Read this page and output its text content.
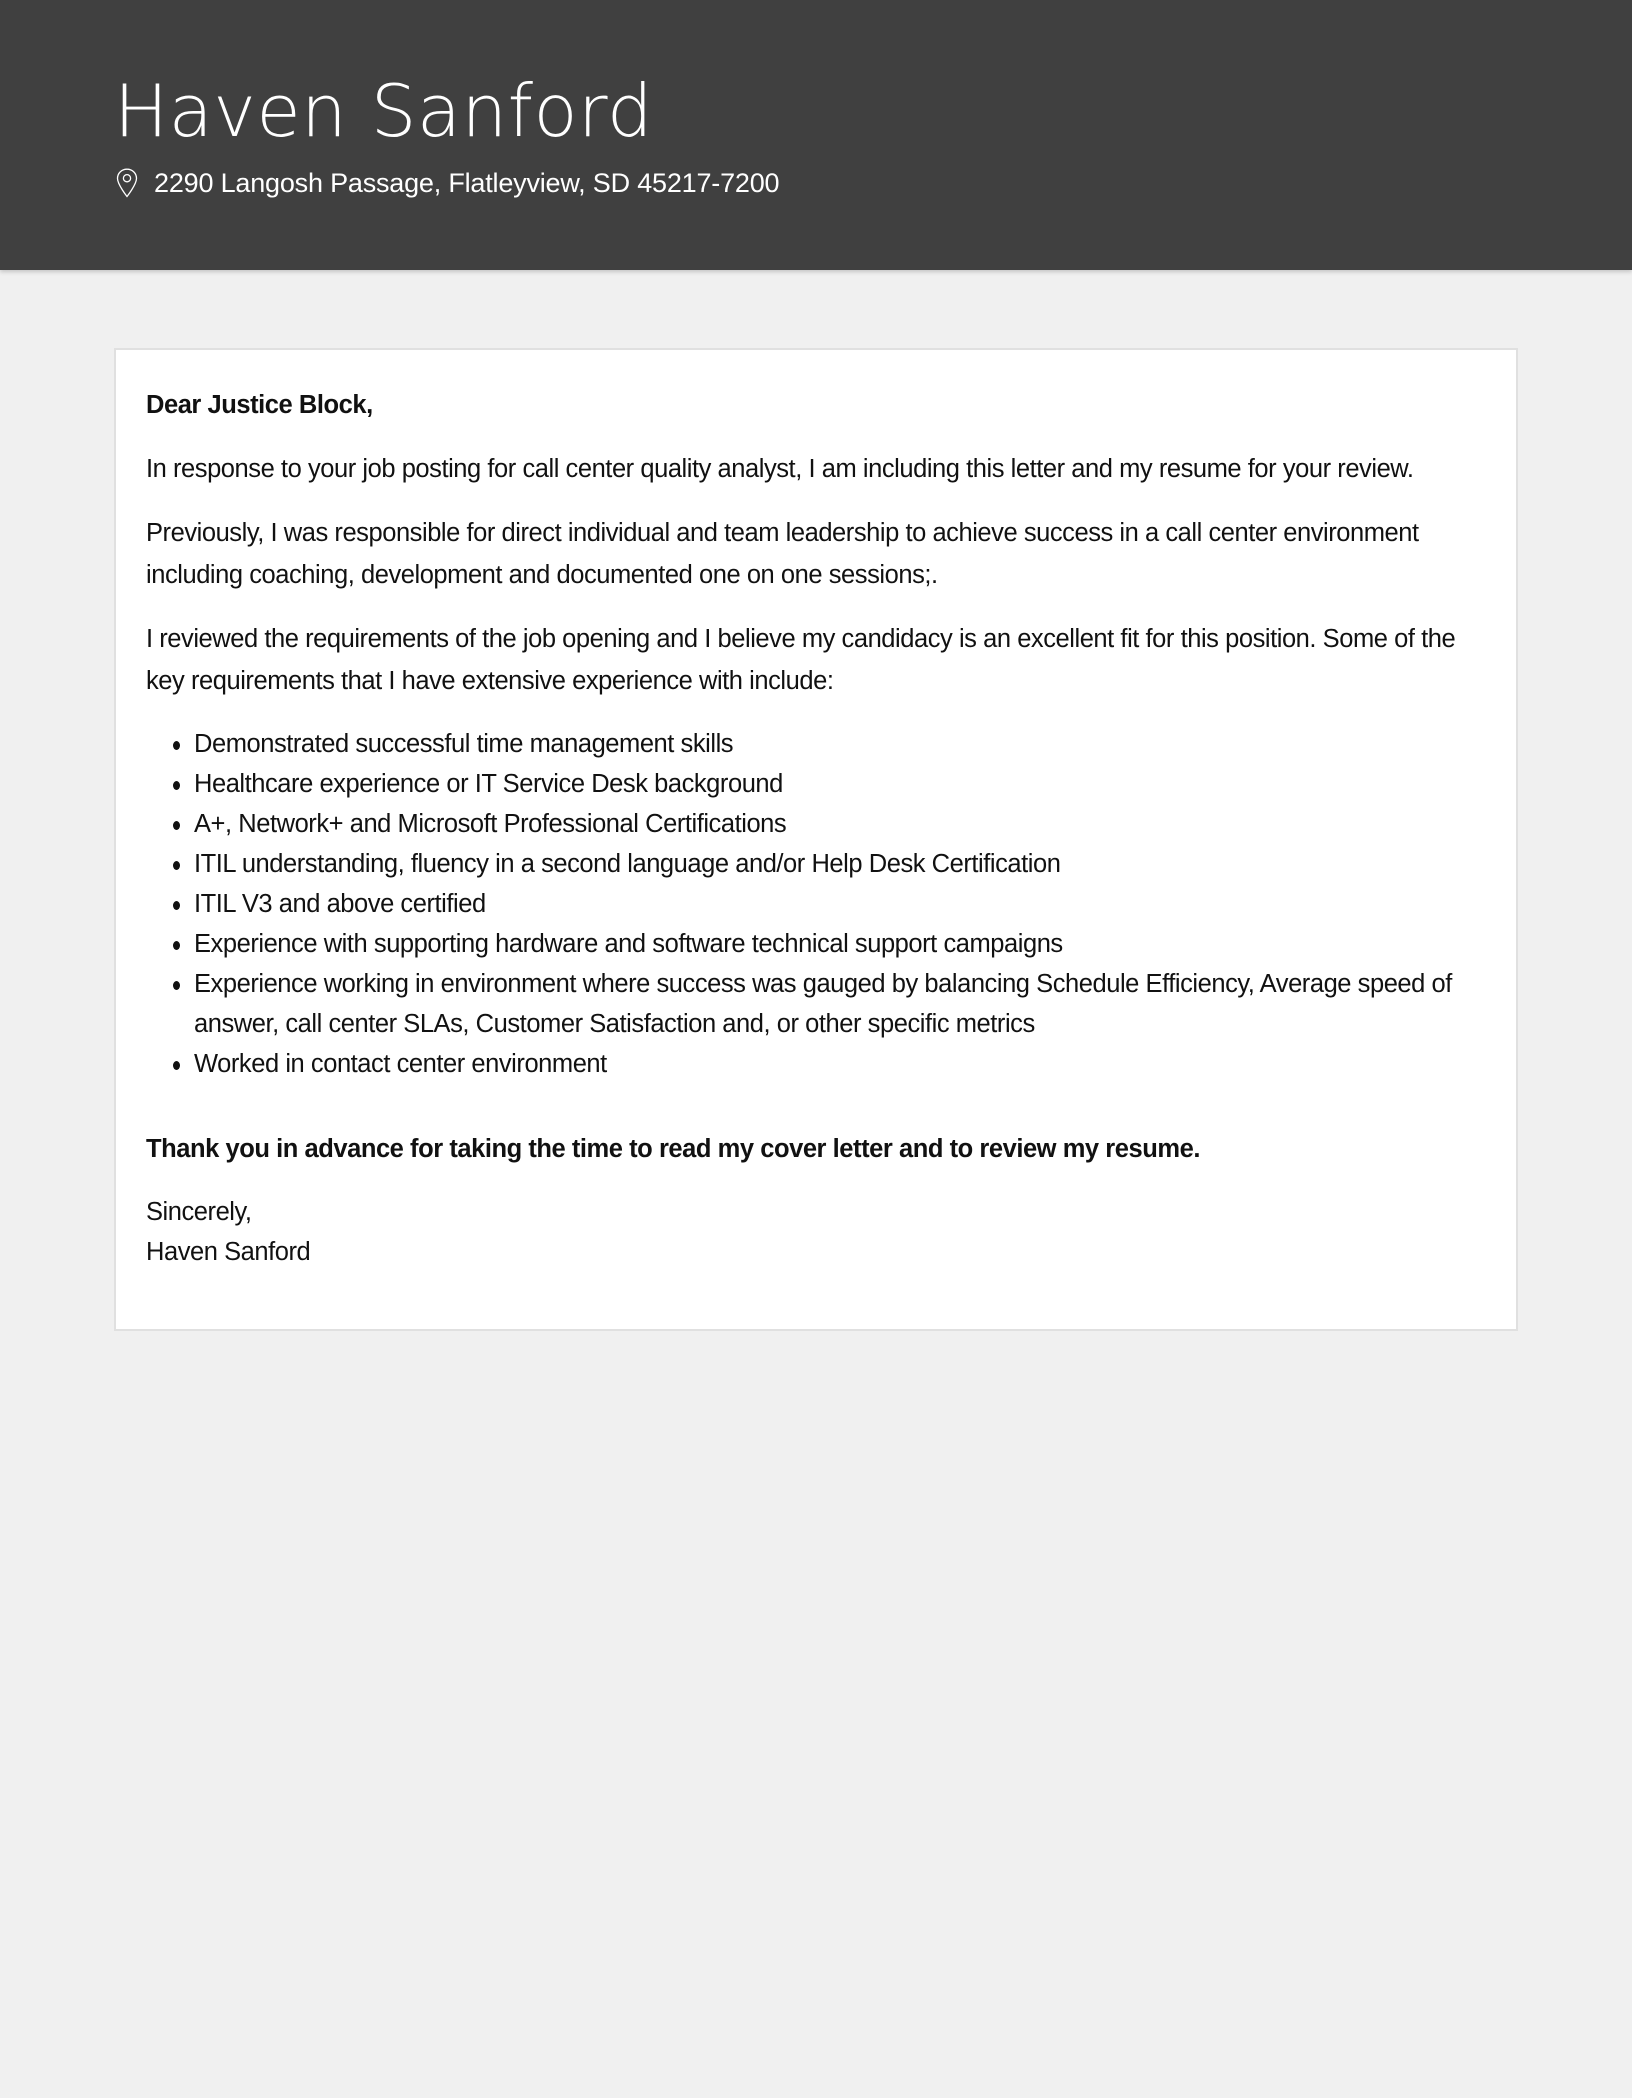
Haven Sanford
2290 Langosh Passage, Flatleyview, SD 45217-7200

Dear Justice Block,

In response to your job posting for call center quality analyst, I am including this letter and my resume for your review.

Previously, I was responsible for direct individual and team leadership to achieve success in a call center environment including coaching, development and documented one on one sessions;.

I reviewed the requirements of the job opening and I believe my candidacy is an excellent fit for this position. Some of the key requirements that I have extensive experience with include:

Demonstrated successful time management skills
Healthcare experience or IT Service Desk background
A+, Network+ and Microsoft Professional Certifications
ITIL understanding, fluency in a second language and/or Help Desk Certification
ITIL V3 and above certified
Experience with supporting hardware and software technical support campaigns
Experience working in environment where success was gauged by balancing Schedule Efficiency, Average speed of answer, call center SLAs, Customer Satisfaction and, or other specific metrics
Worked in contact center environment

Thank you in advance for taking the time to read my cover letter and to review my resume.

Sincerely,
Haven Sanford
